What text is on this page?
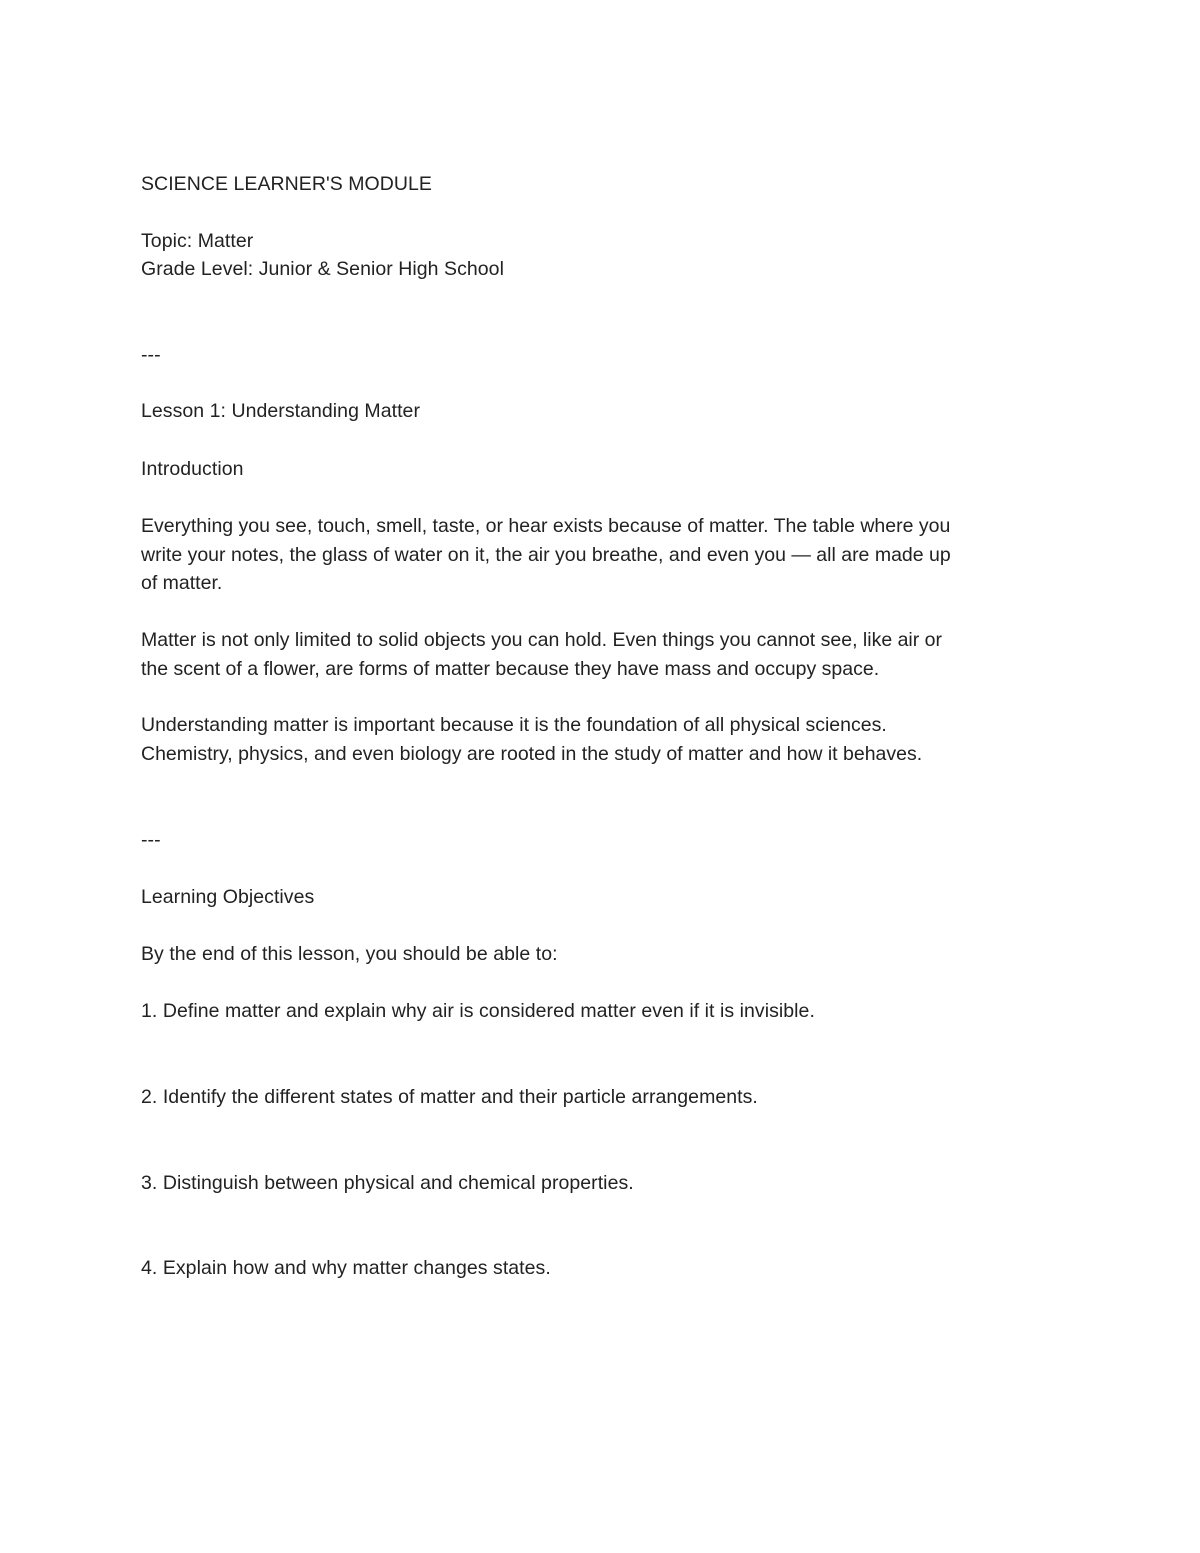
SCIENCE LEARNER'S MODULE
Topic: Matter
Grade Level: Junior & Senior High School
---
Lesson 1: Understanding Matter
Introduction
Everything you see, touch, smell, taste, or hear exists because of matter. The table where you
write your notes, the glass of water on it, the air you breathe, and even you — all are made up
of matter.
Matter is not only limited to solid objects you can hold. Even things you cannot see, like air or
the scent of a flower, are forms of matter because they have mass and occupy space.
Understanding matter is important because it is the foundation of all physical sciences.
Chemistry, physics, and even biology are rooted in the study of matter and how it behaves.
---
Learning Objectives
By the end of this lesson, you should be able to:
1. Define matter and explain why air is considered matter even if it is invisible.
2. Identify the different states of matter and their particle arrangements.
3. Distinguish between physical and chemical properties.
4. Explain how and why matter changes states.
